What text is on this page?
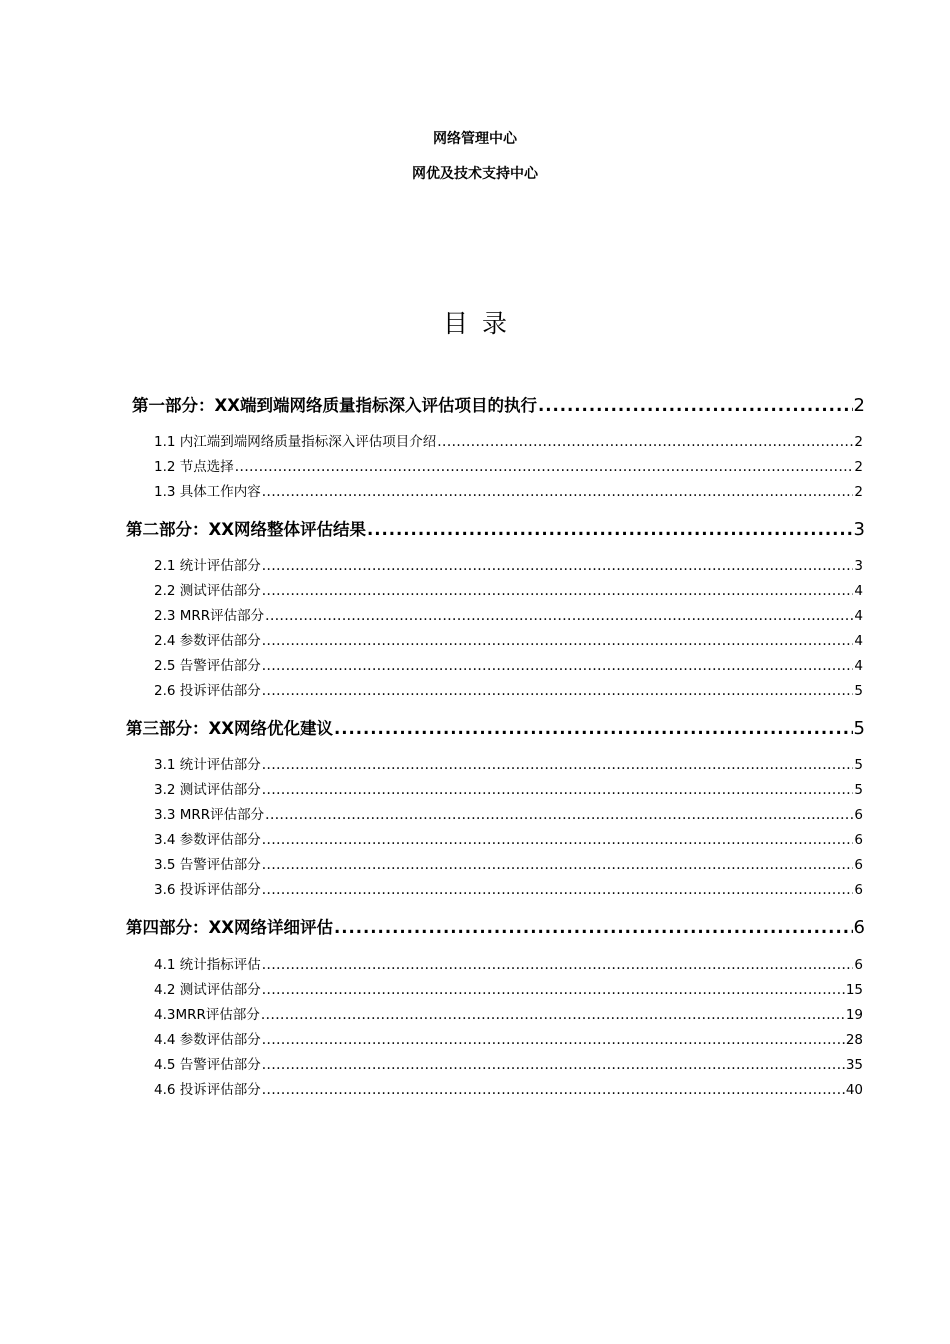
网络管理中心
网优及技术支持中心
目录
第一部分：XX端到端网络质量指标深入评估项目的执行 .....	2
1.1 内江端到端网络质量指标深入评估项目介绍 .....	2
1.2 节点选择 .....	2
1.3 具体工作内容 .....	2
第二部分：XX网络整体评估结果 .....	3
2.1 统计评估部分 .....	3
2.2 测试评估部分 .....	4
2.3 MRR评估部分 .....	4
2.4 参数评估部分 .....	4
2.5 告警评估部分 .....	4
2.6 投诉评估部分 .....	5
第三部分：XX网络优化建议 .....	5
3.1 统计评估部分 .....	5
3.2 测试评估部分 .....	5
3.3 MRR评估部分 .....	6
3.4 参数评估部分 .....	6
3.5 告警评估部分 .....	6
3.6 投诉评估部分 .....	6
第四部分：XX网络详细评估 .....	6
4.1 统计指标评估 .....	6
4.2 测试评估部分 .....	15
4.3MRR评估部分 .....	19
4.4 参数评估部分 .....	28
4.5 告警评估部分 .....	35
4.6 投诉评估部分 .....	40
